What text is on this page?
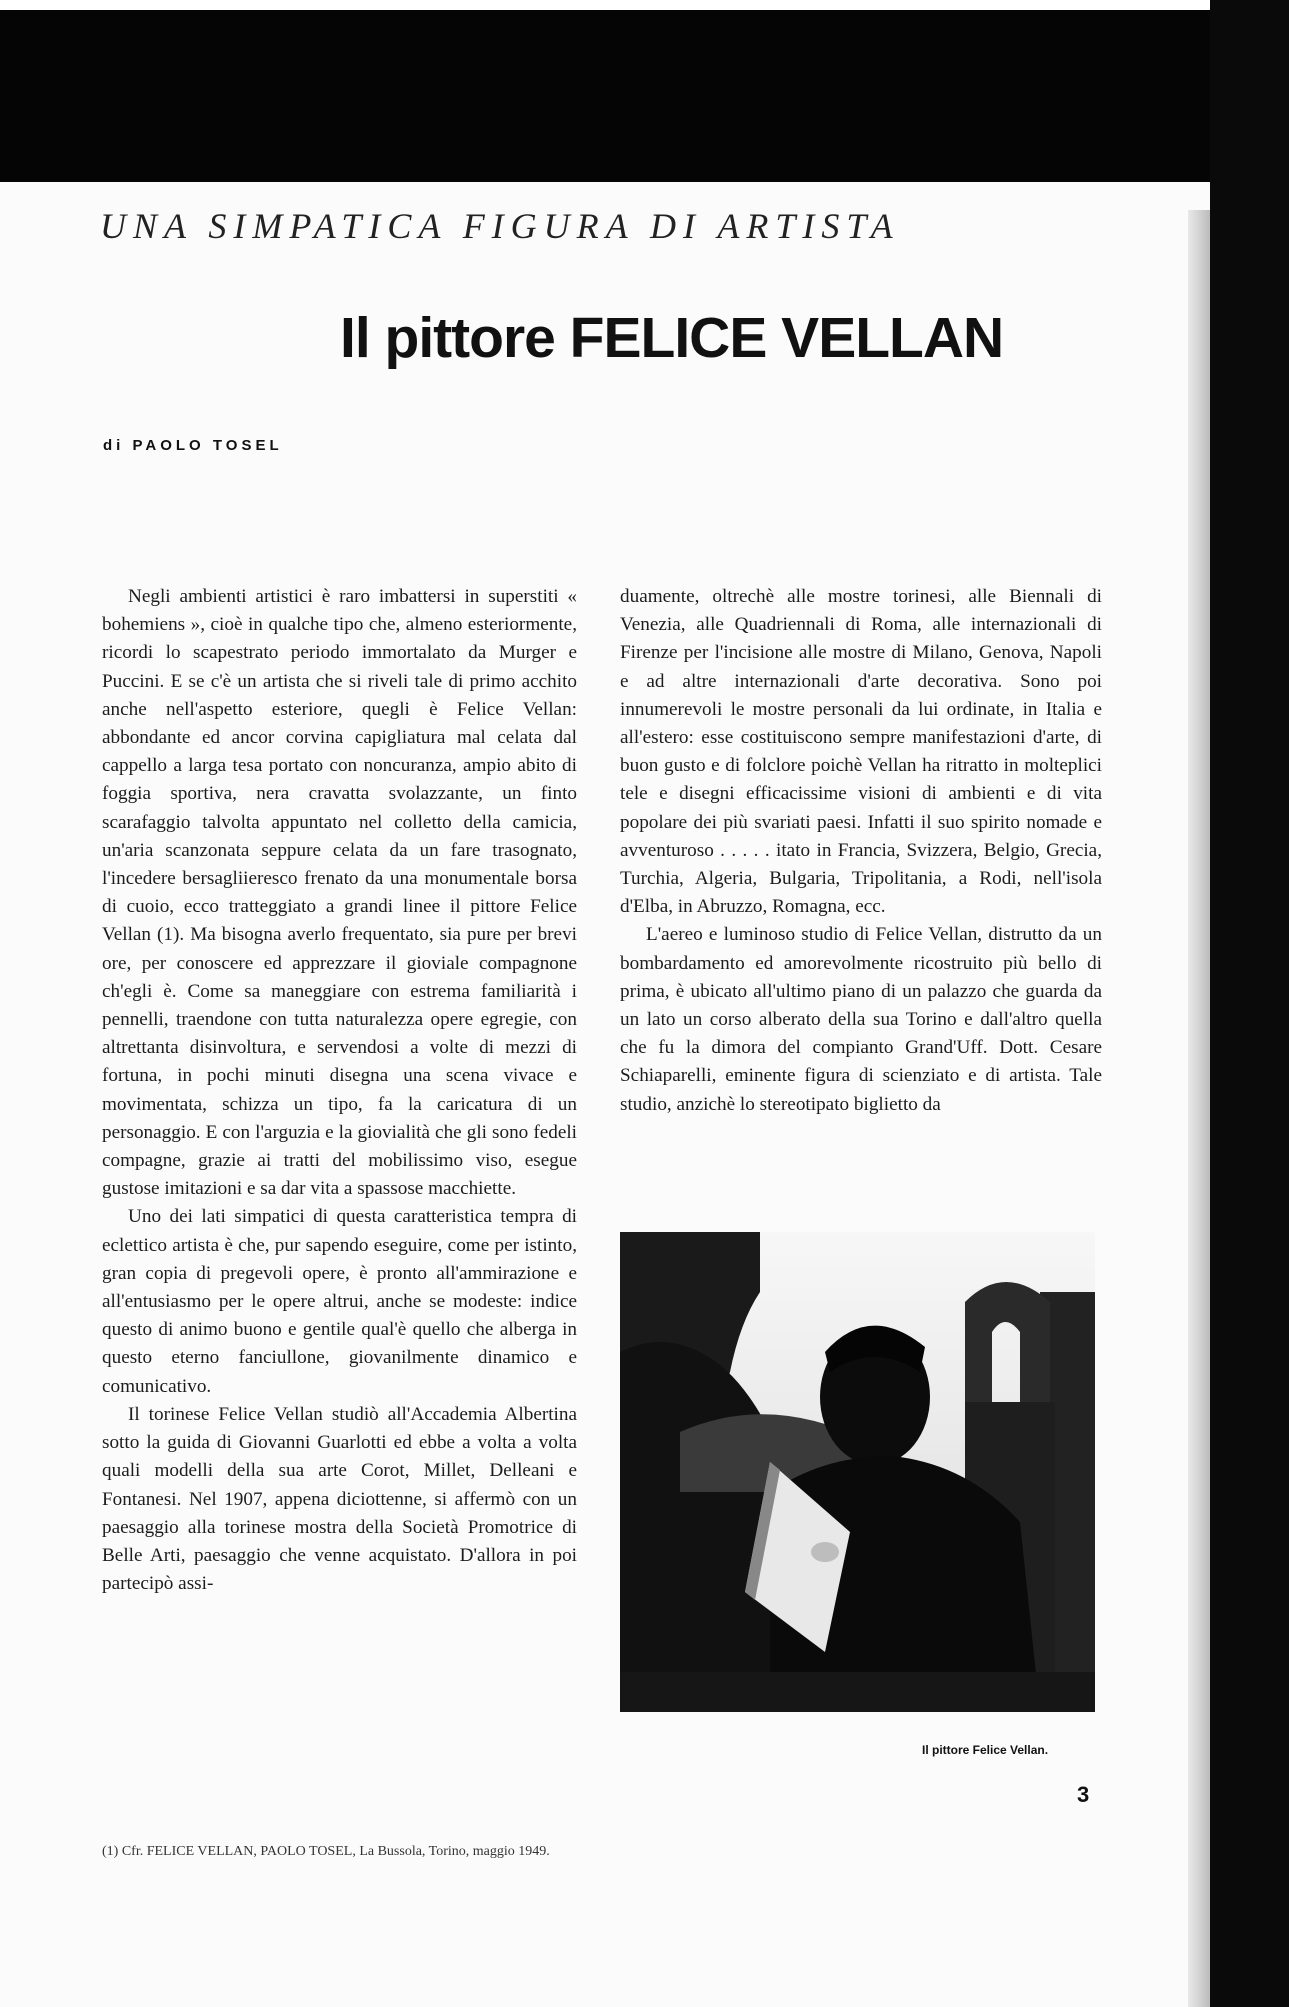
UNA SIMPATICA FIGURA DI ARTISTA
Il pittore FELICE VELLAN
di PAOLO TOSEL

Negli ambienti artistici è raro imbattersi in superstiti « bohemiens », cioè in qualche tipo che, almeno esteriormente, ricordi lo scapestrato periodo immortalato da Murger e Puccini. E se c'è un artista che si riveli tale di primo acchito anche nell'aspetto esteriore, quegli è Felice Vellan: abbondante ed ancor corvina capigliatura mal celata dal cappello a larga tesa portato con noncuranza, ampio abito di foggia sportiva, nera cravatta svolazzante, un finto scarafaggio talvolta appuntato nel colletto della camicia, un'aria scanzonata seppure celata da un fare trasognato, l'incedere bersagliieresco frenato da una monumentale borsa di cuoio, ecco tratteggiato a grandi linee il pittore Felice Vellan (1). Ma bisogna averlo frequentato, sia pure per brevi ore, per conoscere ed apprezzare il gioviale compagnone ch'egli è. Come sa maneggiare con estrema familiarità i pennelli, traendone con tutta naturalezza opere egregie, con altrettanta disinvoltura, e servendosi a volte di mezzi di fortuna, in pochi minuti disegna una scena vivace e movimentata, schizza un tipo, fa la caricatura di un personaggio. E con l'arguzia e la giovialità che gli sono fedeli compagne, grazie ai tratti del mobilissimo viso, esegue gustose imitazioni e sa dar vita a spassose macchiette.

Uno dei lati simpatici di questa caratteristica tempra di eclettico artista è che, pur sapendo eseguire, come per istinto, gran copia di pregevoli opere, è pronto all'ammirazione e all'entusiasmo per le opere altrui, anche se modeste: indice questo di animo buono e gentile qual'è quello che alberga in questo eterno fanciullone, giovanilmente dinamico e comunicativo.

Il torinese Felice Vellan studiò all'Accademia Albertina sotto la guida di Giovanni Guarlotti ed ebbe a volta a volta quali modelli della sua arte Corot, Millet, Delleani e Fontanesi. Nel 1907, appena diciottenne, si affermò con un paesaggio alla torinese mostra della Società Promotrice di Belle Arti, paesaggio che venne acquistato. D'allora in poi partecipò assi-

duamente, oltrechè alle mostre torinesi, alle Biennali di Venezia, alle Quadriennali di Roma, alle internazionali di Firenze per l'incisione alle mostre di Milano, Genova, Napoli e ad altre internazionali d'arte decorativa. Sono poi innumerevoli le mostre personali da lui ordinate, in Italia e all'estero: esse costituiscono sempre manifestazioni d'arte, di buon gusto e di folclore poichè Vellan ha ritratto in molteplici tele e disegni efficacissime visioni di ambienti e di vita popolare dei più svariati paesi. Infatti il suo spirito nomade e avventuroso . . . . . itato in Francia, Svizzera, Belgio, Grecia, Turchia, Algeria, Bulgaria, Tripolitania, a Rodi, nell'isola d'Elba, in Abruzzo, Romagna, ecc.

L'aereo e luminoso studio di Felice Vellan, distrutto da un bombardamento ed amorevolmente ricostruito più bello di prima, è ubicato all'ultimo piano di un palazzo che guarda da un lato un corso alberato della sua Torino e dall'altro quella che fu la dimora del compianto Grand'Uff. Dott. Cesare Schiaparelli, eminente figura di scienziato e di artista. Tale studio, anzichè lo stereotipato biglietto da

(1) Cfr. FELICE VELLAN, PAOLO TOSEL, La Bussola, Torino, maggio 1949.
Il pittore Felice Vellan.
3
